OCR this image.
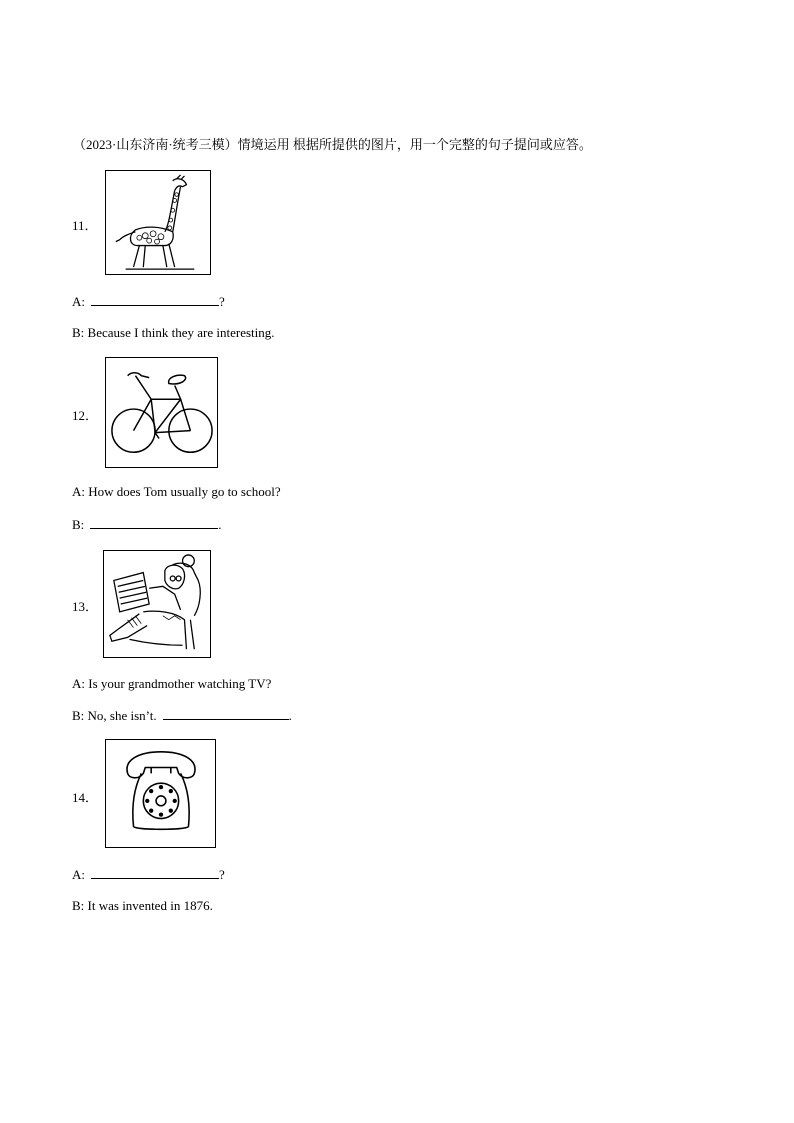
（2023·山东济南·统考三模）情境运用 根据所提供的图片，用一个完整的句子提问或应答。
11．
A:	?
B: Because I think they are interesting.
12．
A: How does Tom usually go to school?
B:	.
13．
A: Is your grandmother watching TV?
B: No, she isn’t.	.
14．
A:	?
B: It was invented in 1876.
